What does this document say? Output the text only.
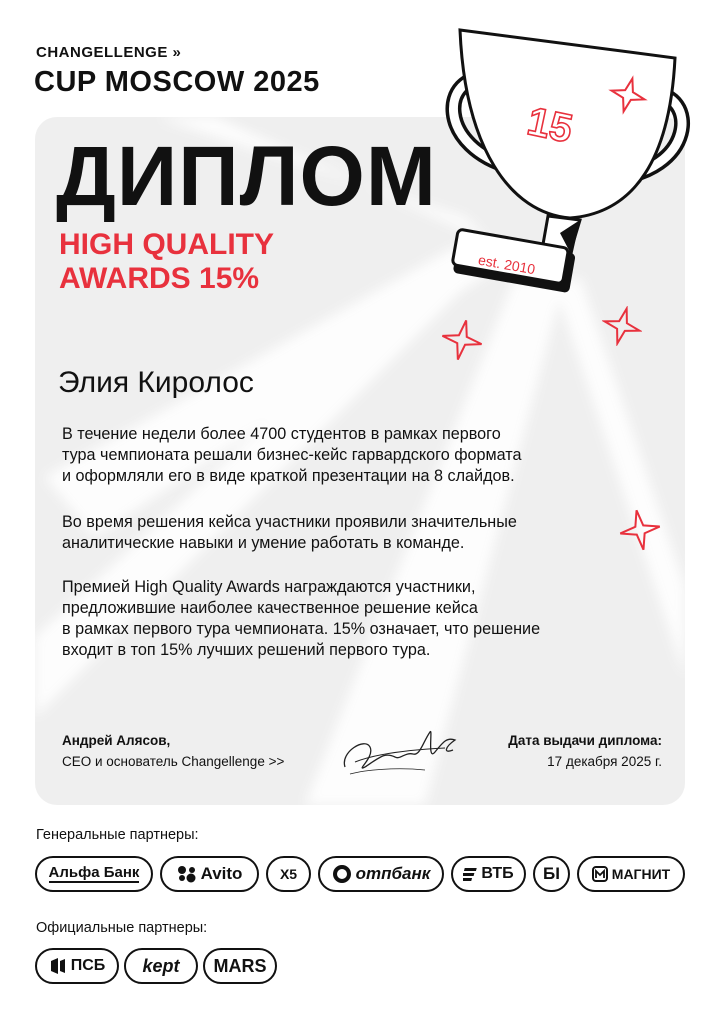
CHANGELLENGE »
CUP MOSCOW 2025
15
est. 2010
ДИПЛОМ
HIGH QUALITY
AWARDS 15%
Элия Киролос
В течение недели более 4700 студентов в рамках первого
тура чемпионата решали бизнес-кейс гарвардского формата
и оформляли его в виде краткой презентации на 8 слайдов.
Во время решения кейса участники проявили значительные
аналитические навыки и умение работать в команде.
Премией High Quality Awards награждаются участники,
предложившие наиболее качественное решение кейса
в рамках первого тура чемпионата. 15% означает, что решение
входит в топ 15% лучших решений первого тура.
Андрей Алясов,
CEO и основатель Changellenge >>
Дата выдачи диплома:
17 декабря 2025 г.
Генеральные партнеры:
Альфа Банк	Avito	X5	отпбанк	ВТБ БІ	МАГНИТ
Официальные партнеры:
ПСБ kept MARS
